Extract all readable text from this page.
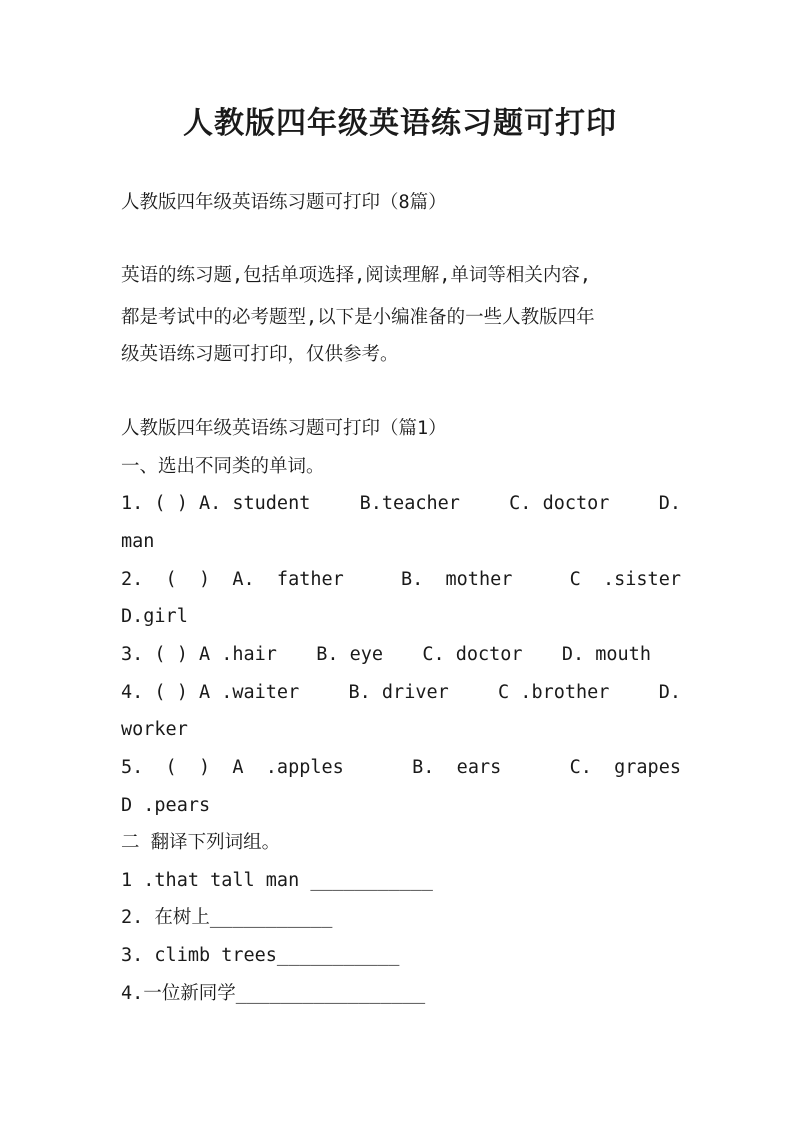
人教版四年级英语练习题可打印

人教版四年级英语练习题可打印（8篇）

英语的练习题,包括单项选择,阅读理解,单词等相关内容,

都是考试中的必考题型,以下是小编准备的一些人教版四年

级英语练习题可打印，仅供参考。

人教版四年级英语练习题可打印（篇1）

一、选出不同类的单词。

1. ( ) A. student	B.teacher	C. doctor	D.

man

2.  (  )  A.  father	B.  mother	C  .sister

D.girl

3. ( ) A .hair B. eye C. doctor D. mouth
4. ( ) A .waiter	B. driver	C .brother	D.

worker

5.  (  )  A  .apples	B.  ears	C.  grapes

D .pears

二 翻译下列词组。

1 .that tall man ___________

2. 在树上___________

3. climb trees___________

4.一位新同学_________________
